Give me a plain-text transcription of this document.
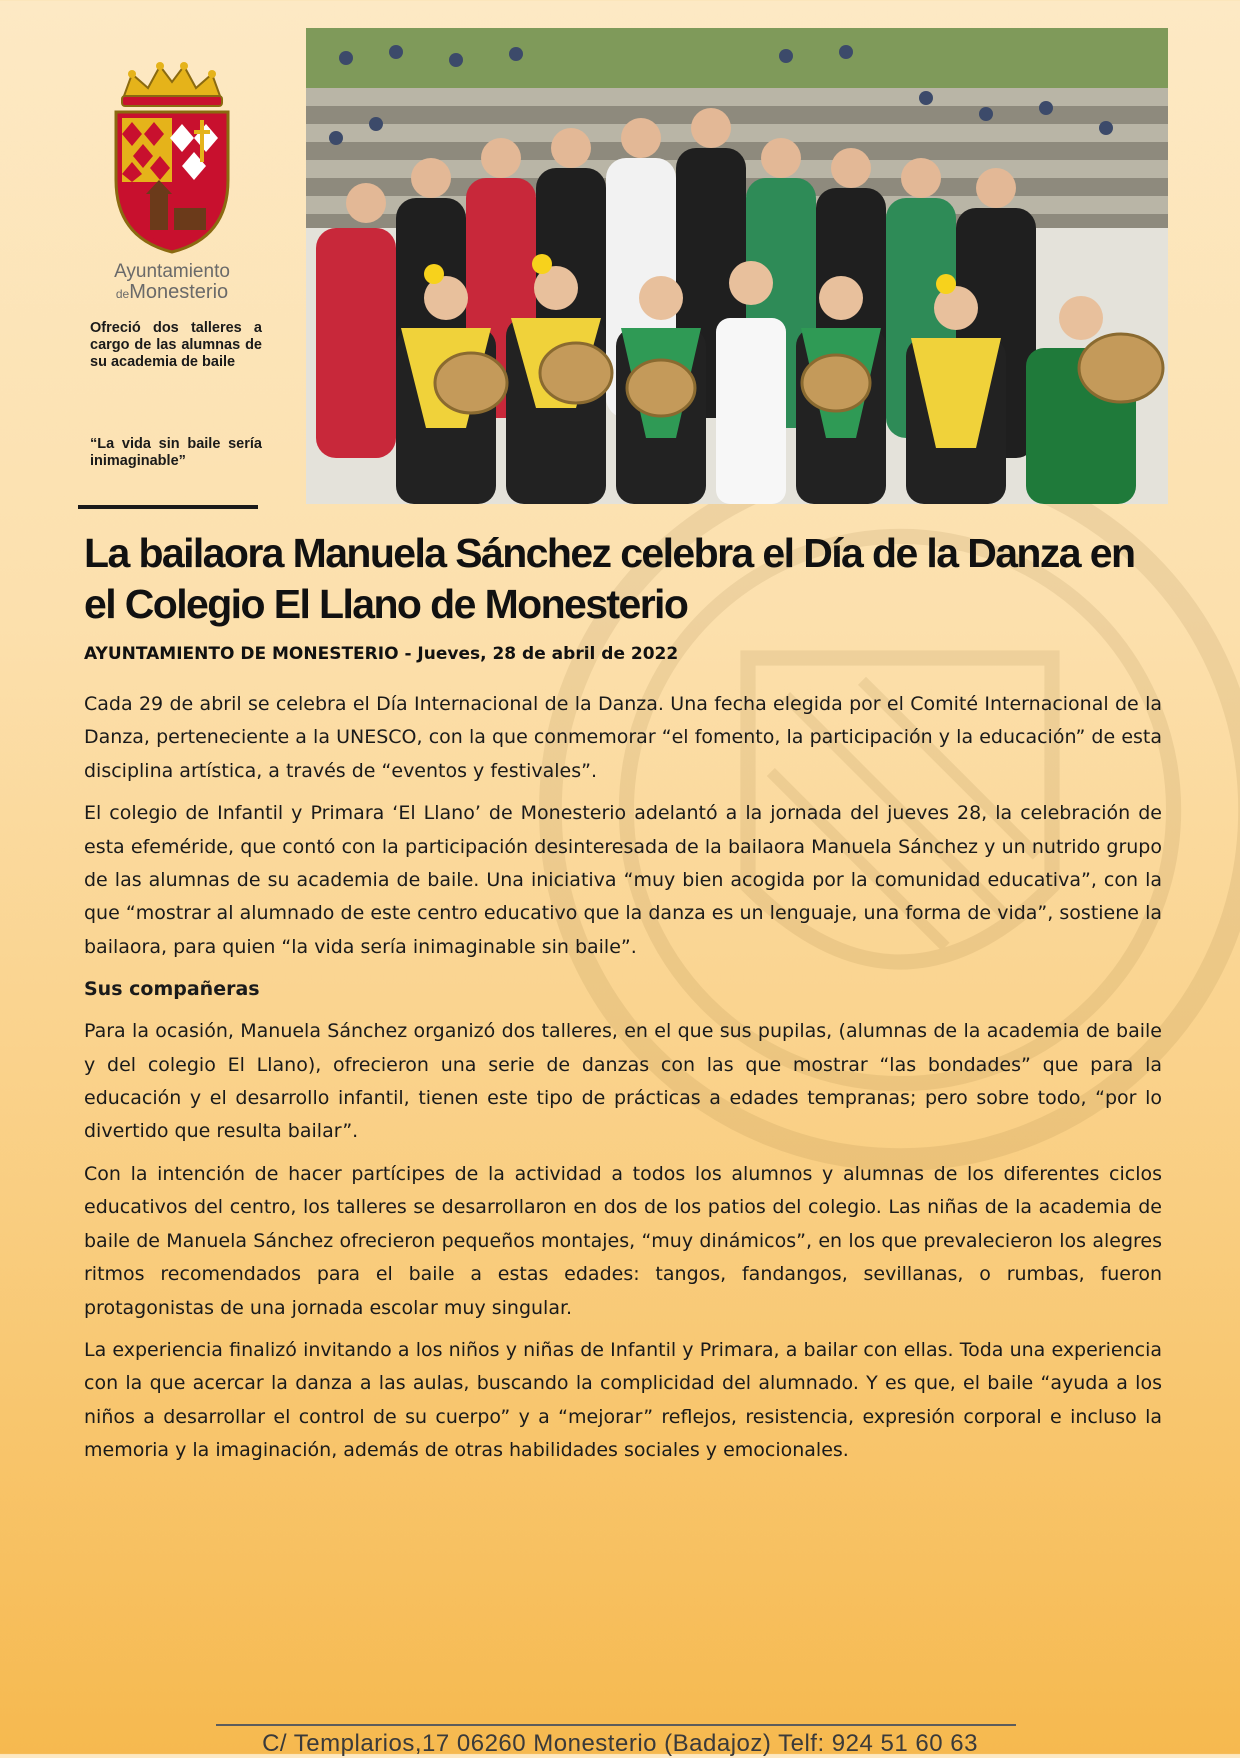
Ayuntamiento
deMonesterio
Ofreció dos talleres a cargo de las alumnas de su academia de baile
“La vida sin baile sería inimaginable”
La bailaora Manuela Sánchez celebra el Día de la Danza en el Colegio El Llano de Monesterio
AYUNTAMIENTO DE MONESTERIO - Jueves, 28 de abril de 2022

Cada 29 de abril se celebra el Día Internacional de la Danza. Una fecha elegida por el Comité Internacional de la Danza, perteneciente a la UNESCO, con la que conmemorar “el fomento, la participación y la educación” de esta disciplina artística, a través de “eventos y festivales”.

El colegio de Infantil y Primara ‘El Llano’ de Monesterio adelantó a la jornada del jueves 28, la celebración de esta efeméride, que contó con la participación desinteresada de la bailaora Manuela Sánchez y un nutrido grupo de las alumnas de su academia de baile. Una iniciativa “muy bien acogida por la comunidad educativa”, con la que “mostrar al alumnado de este centro educativo que la danza es un lenguaje, una forma de vida”, sostiene la bailaora, para quien “la vida sería inimaginable sin baile”.

Sus compañeras

Para la ocasión, Manuela Sánchez organizó dos talleres, en el que sus pupilas, (alumnas de la academia de baile y del colegio El Llano), ofrecieron una serie de danzas con las que mostrar “las bondades” que para la educación y el desarrollo infantil, tienen este tipo de prácticas a edades tempranas; pero sobre todo, “por lo divertido que resulta bailar”.

Con la intención de hacer partícipes de la actividad a todos los alumnos y alumnas de los diferentes ciclos educativos del centro, los talleres se desarrollaron en dos de los patios del colegio. Las niñas de la academia de baile de Manuela Sánchez ofrecieron pequeños montajes, “muy dinámicos”, en los que prevalecieron los alegres ritmos recomendados para el baile a estas edades: tangos, fandangos, sevillanas, o rumbas, fueron protagonistas de una jornada escolar muy singular.

La experiencia finalizó invitando a los niños y niñas de Infantil y Primara, a bailar con ellas. Toda una experiencia con la que acercar la danza a las aulas, buscando la complicidad del alumnado. Y es que, el baile “ayuda a los niños a desarrollar el control de su cuerpo” y a “mejorar” reflejos, resistencia, expresión corporal e incluso la memoria y la imaginación, además de otras habilidades sociales y emocionales.

C/ Templarios,17 06260 Monesterio (Badajoz) Telf: 924 51 60 63
